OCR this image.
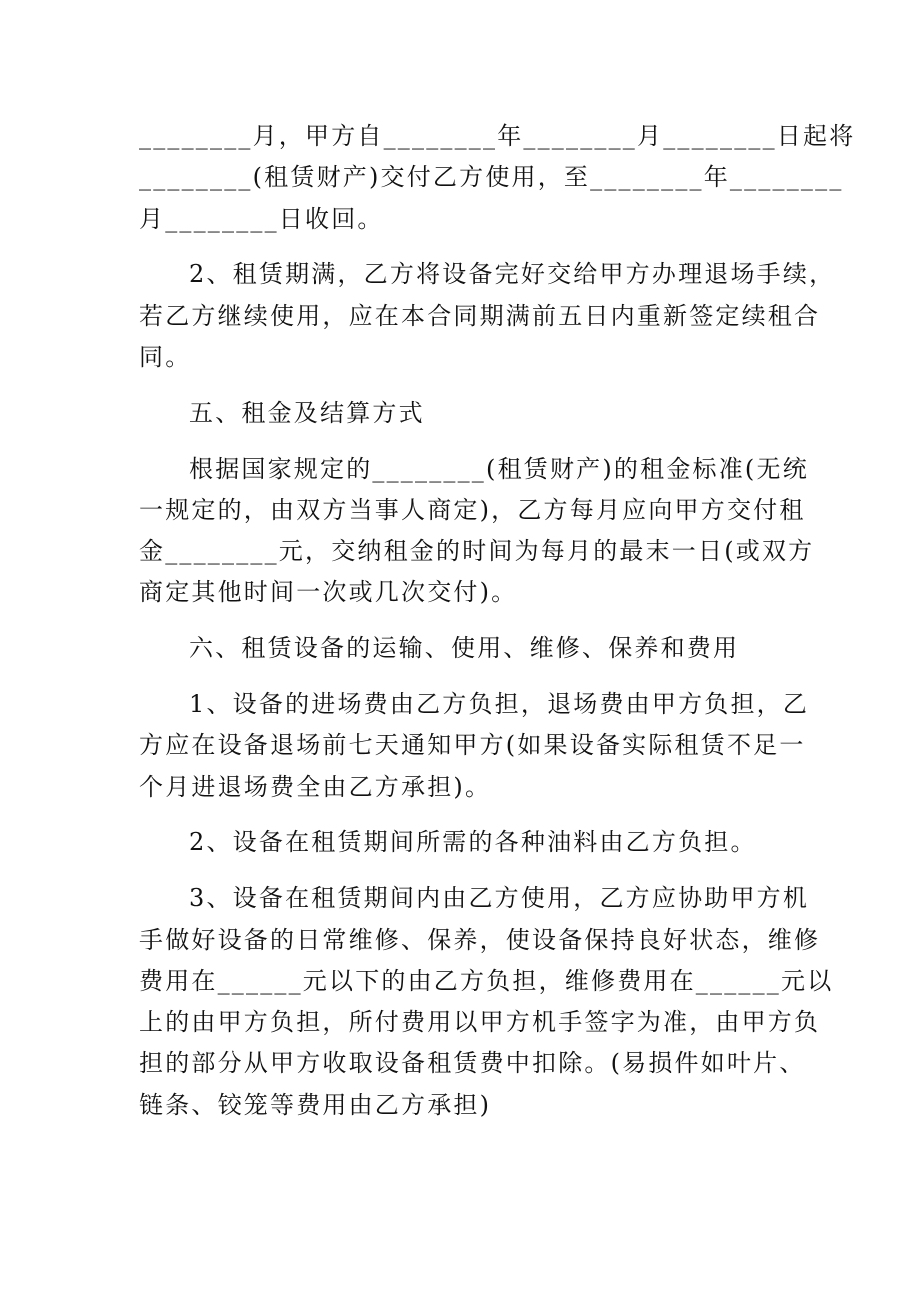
________月，甲方自________年________月________日起将
________(租赁财产)交付乙方使用，至________年________
月________日收回。

2、租赁期满，乙方将设备完好交给甲方办理退场手续，
若乙方继续使用，应在本合同期满前五日内重新签定续租合
同。

五、租金及结算方式

根据国家规定的________(租赁财产)的租金标准(无统
一规定的，由双方当事人商定)，乙方每月应向甲方交付租
金________元，交纳租金的时间为每月的最末一日(或双方
商定其他时间一次或几次交付)。

六、租赁设备的运输、使用、维修、保养和费用

1、设备的进场费由乙方负担，退场费由甲方负担，乙
方应在设备退场前七天通知甲方(如果设备实际租赁不足一
个月进退场费全由乙方承担)。

2、设备在租赁期间所需的各种油料由乙方负担。

3、设备在租赁期间内由乙方使用，乙方应协助甲方机
手做好设备的日常维修、保养，使设备保持良好状态，维修
费用在______元以下的由乙方负担，维修费用在______元以
上的由甲方负担，所付费用以甲方机手签字为准，由甲方负
担的部分从甲方收取设备租赁费中扣除。(易损件如叶片、
链条、铰笼等费用由乙方承担)
